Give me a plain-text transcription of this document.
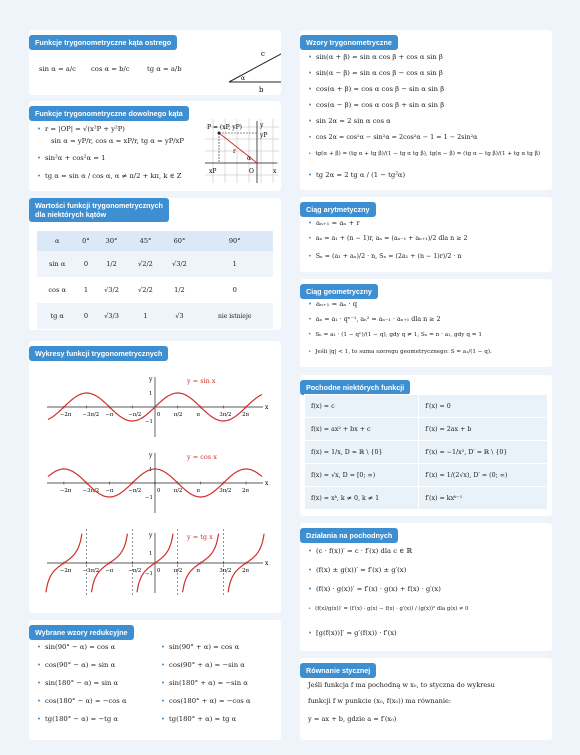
Funkcje trygonometryczne kąta ostrego
sin α = a/c cos α = b/c	tg α = a/b
b
a
c
α
Funkcje trygonometryczne dowolnego kąta
• r = |OP| = √(x²P + y²P)
sin α = yP/r, cos α = xP/r, tg α = yP/xP
• sin²α + cos²α = 1
• tg α = sin α / cos α, α ≠ π/2 + kπ, k ∈ Z
P = (xP, yP)
r
O	x
y
xP
yP
α
Wartości funkcji trygonometrycznych
dla niektórych kątów
α	0°	30°	45°	60°	90°
sin α	0	1/2	√2/2	√3/2	1
cos α	1	√3/2	√2/2	1/2	0
tg α	0	√3/3	1	√3	nie istnieje
Wykresy funkcji trygonometrycznych
x
y
−2π −3π/2 −π	−π/2	π/2	π	3π/2 2π
0
1
−1
y = sin x
x
y
−2π −3π/2 −π	−π/2	π/2	π	3π/2 2π
0
1
−1
y = cos x
x
y
−2π −3π/2 −π	−π/2	π/2	π	3π/2 2π
0
1
−1
y = tg x
Wybrane wzory redukcyjne
• sin(90° − α) = cos α
• cos(90° − α) = sin α
• sin(180° − α) = sin α
• cos(180° − α) = −cos α
• tg(180° − α) = −tg α
• sin(90° + α) = cos α
• cos(90° + α) = −sin α
• sin(180° + α) = −sin α
• cos(180° + α) = −cos α
• tg(180° + α) = tg α
Wzory trygonometryczne
• sin(α + β) = sin α cos β + cos α sin β
• sin(α − β) = sin α cos β − cos α sin β
• cos(α + β) = cos α cos β − sin α sin β
• cos(α − β) = cos α cos β + sin α sin β
• sin 2α = 2 sin α cos α
• cos 2α = cos²α − sin²α = 2cos²α − 1 = 1 − 2sin²α
• tg(α + β) = (tg α + tg β)/(1 − tg α tg β), tg(α − β) = (tg α − tg β)/(1 + tg α tg β)
• tg 2α = 2 tg α / (1 − tg²α)
Ciąg arytmetyczny
• aₙ₊₁ = aₙ + r
• aₙ = a₁ + (n − 1)r, aₙ = (aₙ₋₁ + aₙ₊₁)/2 dla n ≥ 2
• Sₙ = (a₁ + aₙ)/2 · n, Sₙ = (2a₁ + (n − 1)r)/2 · n
Ciąg geometryczny
• aₙ₊₁ = aₙ · q
• aₙ = a₁ · qⁿ⁻¹, aₙ² = aₙ₋₁ · aₙ₊₁ dla n ≥ 2
• Sₙ = a₁ · (1 − qⁿ)/(1 − q), gdy q ≠ 1, Sₙ = n · a₁, gdy q = 1
• Jeśli |q| < 1, to suma szeregu geometrycznego: S = a₁/(1 − q).
Pochodne niektórych funkcji
f(x) = c	f′(x) = 0
f(x) = ax² + bx + c	f′(x) = 2ax + b
f(x) = 1/x, D = ℝ \ {0}	f′(x) = −1/x², D′ = ℝ \ {0}
f(x) = √x, D = [0; ∞)	f′(x) = 1/(2√x), D′ = (0; ∞)
f(x) = xᵏ, k ≠ 0, k ≠ 1	f′(x) = kxᵏ⁻¹
Działania na pochodnych
• (c · f(x))′ = c · f′(x) dla c ∈ ℝ
• (f(x) ± g(x))′ = f′(x) ± g′(x)
• (f(x) · g(x))′ = f′(x) · g(x) + f(x) · g′(x)
• (f(x)/g(x))′ = (f′(x) · g(x) − f(x) · g′(x)) / (g(x))² dla g(x) ≠ 0
• [g(f(x))]′ = g′(f(x)) · f′(x)
Równanie stycznej
Jeśli funkcja f ma pochodną w x₀, to styczna do wykresu
funkcji f w punkcie (x₀, f(x₀)) ma równanie:
y = ax + b, gdzie a = f′(x₀)
